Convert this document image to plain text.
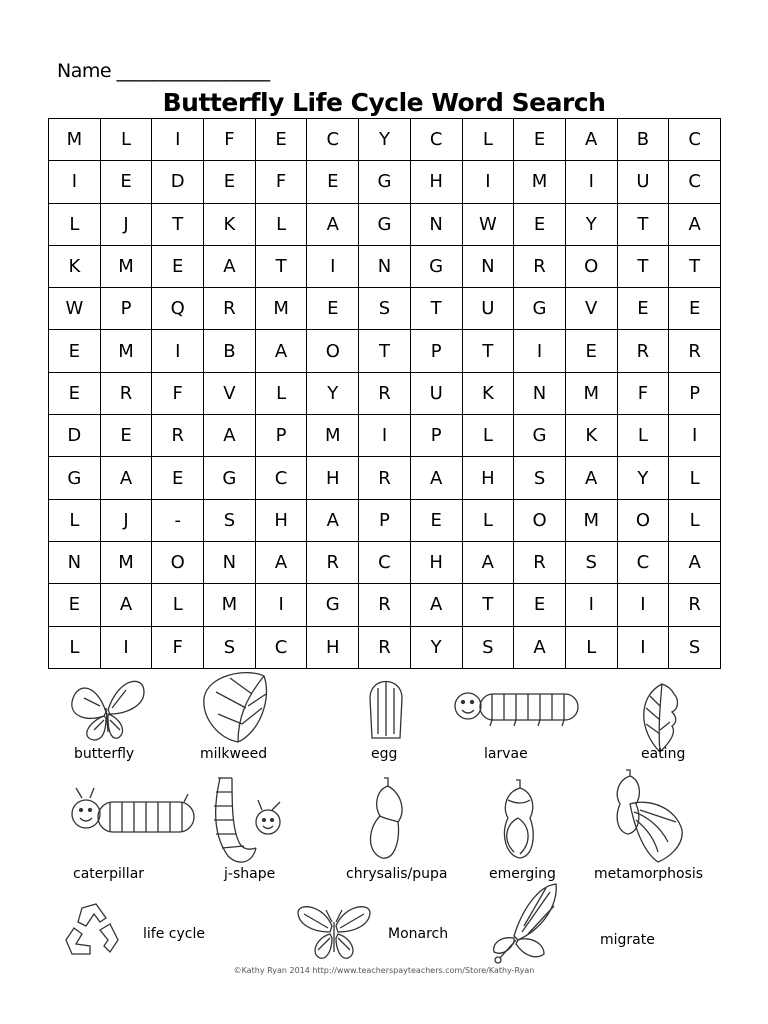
Name _________________
Butterfly Life Cycle Word Search
M	L	I	F	E	C	Y	C	L	E	A	B	C
I	E	D	E	F	E	G	H	I	M	I	U	C
L	J	T	K	L	A	G	N	W	E	Y	T	A
K	M	E	A	T	I	N	G	N	R	O	T	T
W	P	Q	R	M	E	S	T	U	G	V	E	E
E	M	I	B	A	O	T	P	T	I	E	R	R
E	R	F	V	L	Y	R	U	K	N	M	F	P
D	E	R	A	P	M	I	P	L	G	K	L	I
G	A	E	G	C	H	R	A	H	S	A	Y	L
L	J	-	S	H	A	P	E	L	O	M	O	L
N	M	O	N	A	R	C	H	A	R	S	C	A
E	A	L	M	I	G	R	A	T	E	I	I	R
L	I	F	S	C	H	R	Y	S	A	L	I	S
butterfly	milkweed	egg	larvae	eating
caterpillar	j-shape	chrysalis/pupa	emerging	metamorphosis
life cycle	Monarch	migrate
©Kathy Ryan 2014 http://www.teacherspayteachers.com/Store/Kathy-Ryan
